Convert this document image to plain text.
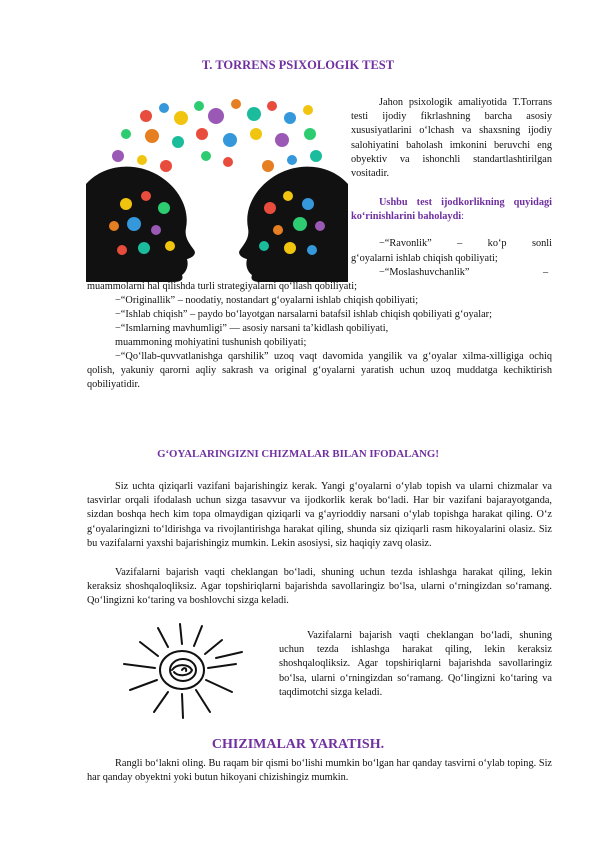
T. TORRENS PSIXOLOGIK TEST
Jahon psixologik amaliyotida T.Torrans testi ijodiy fikrlashning barcha asosiy xususiyatlarini o‘lchash va shaxsning ijodiy salohiyatini baholash imkonini beruvchi eng obyektiv va ishonchli standartlashtirilgan vositadir.
Ushbu test ijodkorlikning quyidagi ko‘rinishlarini baholaydi:
−“Ravonlik” – ko‘p sonli
g‘oyalarni ishlab chiqish qobiliyati;
−“Moslashuvchanlik”	–
muammolarni hal qilishda turli strategiyalarni qo‘llash qobiliyati;
−“Originallik” – noodatiy, nostandart g‘oyalarni ishlab chiqish qobiliyati;
−“Ishlab chiqish” – paydo bo‘layotgan narsalarni batafsil ishlab chiqish qobiliyati g‘oyalar;
−“Ismlarning mavhumligi” — asosiy narsani ta’kidlash qobiliyati,
muammoning mohiyatini tushunish qobiliyati;
−“Qo‘llab-quvvatlanishga qarshilik” uzoq vaqt davomida yangilik va g‘oyalar xilma-xilligiga ochiq qolish, yakuniy qarorni aqliy sakrash va original g‘oyalarni yaratish uchun uzoq muddatga kechiktirish qobiliyatidir.
G‘OYALARINGIZNI CHIZMALAR BILAN IFODALANG!
Siz uchta qiziqarli vazifani bajarishingiz kerak. Yangi g‘oyalarni o‘ylab topish va ularni chizmalar va tasvirlar orqali ifodalash uchun sizga tasavvur va ijodkorlik kerak bo‘ladi. Har bir vazifani bajarayotganda, sizdan boshqa hech kim topa olmaydigan qiziqarli va g‘ayrioddiy narsani o‘ylab topishga harakat qiling. O‘z g‘oyalaringizni to‘ldirishga va rivojlantirishga harakat qiling, shunda siz qiziqarli rasm hikoyalarini olasiz. Siz bu vazifalarni yaxshi bajarishingiz mumkin. Lekin asosiysi, siz haqiqiy zavq olasiz.
Vazifalarni bajarish vaqti cheklangan bo‘ladi, shuning uchun tezda ishlashga harakat qiling, lekin keraksiz shoshqaloqliksiz. Agar topshiriqlarni bajarishda savollaringiz bo‘lsa, ularni o‘rningizdan so‘ramang. Qo‘lingizni ko‘taring va boshlovchi sizga keladi.
Vazifalarni bajarish vaqti cheklangan bo‘ladi, shuning uchun tezda ishlashga harakat qiling, lekin keraksiz shoshqaloqliksiz. Agar topshiriqlarni bajarishda savollaringiz bo‘lsa, ularni o‘rningizdan so‘ramang. Qo‘lingizni ko‘taring va taqdimotchi sizga keladi.
CHIZIMALAR YARATISH.
Rangli bo‘lakni oling. Bu raqam bir qismi bo‘lishi mumkin bo‘lgan har qanday tasvirni o‘ylab toping. Siz har qanday obyektni yoki butun hikoyani chizishingiz mumkin.
